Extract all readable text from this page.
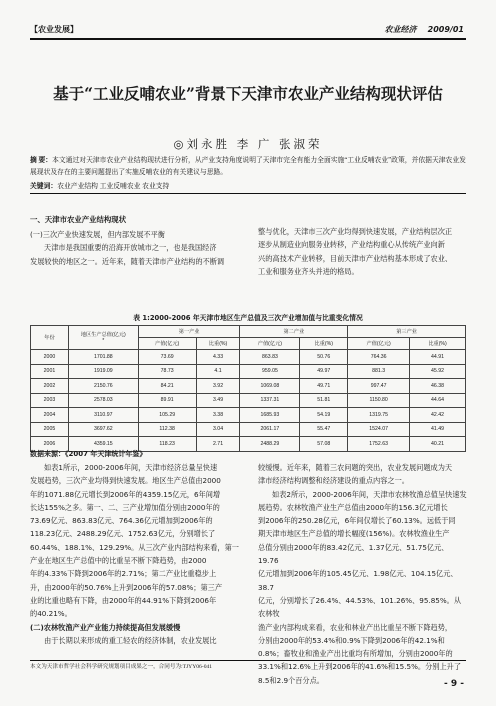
【农业发展】	农业经济 2009/01
基于“工业反哺农业”背景下天津市农业产业结构现状评估
◎刘永胜 李 广 张淑荣
摘 要：本文通过对天津市农业产业结构现状进行分析，从产业支持角度说明了天津市完全有能力全面实施“工业反哺农业”政策，并依据天津农业发展现状及存在的主要问题提出了实施反哺农业的有关建议与思路。
关键词：农业产业结构 工业反哺农业 农业支持
一、天津市农业产业结构现状
(一)三次产业快速发展，但内部发展不平衡
天津市是我国重要的沿海开放城市之一，也是我国经济
发展较快的地区之一。近年来，随着天津市产业结构的不断调
整与优化，天津市三次产业均得到快速发展，产业结构层次正
逐步从制造业向服务业转移，产业结构重心从传统产业向新
兴的高技术产业转移，目前天津市产业结构基本形成了农业、
工业和服务业齐头并进的格局。
表 1:2000-2006 年天津市地区生产总值及三次产业增加值与比重变化情况
年份	地区生产总值(亿元)
*	第一产业		第二产业		第三产业	
		产值(亿元)	比重(%)	产值(亿元)	比重(%)	产值(亿元)	比重(%)
2000	1701.88	73.69	4.33	863.83	50.76	764.36	44.91
2001	1919.09	78.73	4.1	959.05	49.97	881.3	45.92
2002	2150.76	84.21	3.92	1069.08	49.71	997.47	46.38
2003	2578.03	89.91	3.49	1337.31	51.81	1150.80	44.64
2004	3110.97	105.29	3.38	1685.93	54.19	1319.75	42.42
2005	3697.62	112.38	3.04	2061.17	55.47	1524.07	41.49
2006	4359.15	118.23	2.71	2488.29	57.08	1752.63	40.21
数据来源：《2007 年天津统计年鉴》
如表1所示，2000-2006年间，天津市经济总量呈快速
发展趋势，三次产业均得到快速发展。地区生产总值由2000
年的1071.88亿元增长到2006年的4359.15亿元，6年间增
长达155%之多。第一、二、三产业增加值分别由2000年的
73.69亿元、863.83亿元、764.36亿元增加到2006年的
118.23亿元、2488.29亿元、1752.63亿元，分别增长了
60.44%、188.1%、129.29%。从三次产业内部结构来看，第一
产业在地区生产总值中的比重呈不断下降趋势，由2000
年的4.33%下降到2006年的2.71%；第二产业比重稳步上
升，由2000年的50.76%上升到2006年的57.08%；第三产
业的比重也略有下降，由2000年的44.91%下降到2006年
的40.21%。
(二)农林牧渔产业产业能力持续提高但发展缓慢
由于长期以来形成的重工轻农的经济体制，农业发展比
较缓慢。近年来，随着三农问题的突出，农业发展问题成为天
津市经济结构调整和经济建设的重点内容之一。
如表2所示，2000-2006年间，天津市农林牧渔总值呈快速发
展趋势。农林牧渔产业生产总值由2000年的156.3亿元增长
到2006年的250.28亿元，6年间仅增长了60.13%。远低于同
期天津市地区生产总值的增长幅度(156%)。农林牧渔业生产
总值分别由2000年的83.42亿元、1.37亿元、51.75亿元、19.76
亿元增加到2006年的105.45亿元、1.98亿元、104.15亿元、38.7
亿元，分别增长了26.4%、44.53%、101.26%、95.85%。从农林牧
渔产业内部构成来看，农业和林业产出比重呈不断下降趋势，
分别由2000年的53.4%和0.9%下降到2006年的42.1%和
0.8%；畜牧业和渔业产出比重均有所增加，分别由2000年的
33.1%和12.6%上升到2006年的41.6%和15.5%。分别上升了
8.5和2.9个百分点。
本文为天津市哲学社会科学研究规划项目成果之一，合同号为:TJYY06-041
- 9 -
